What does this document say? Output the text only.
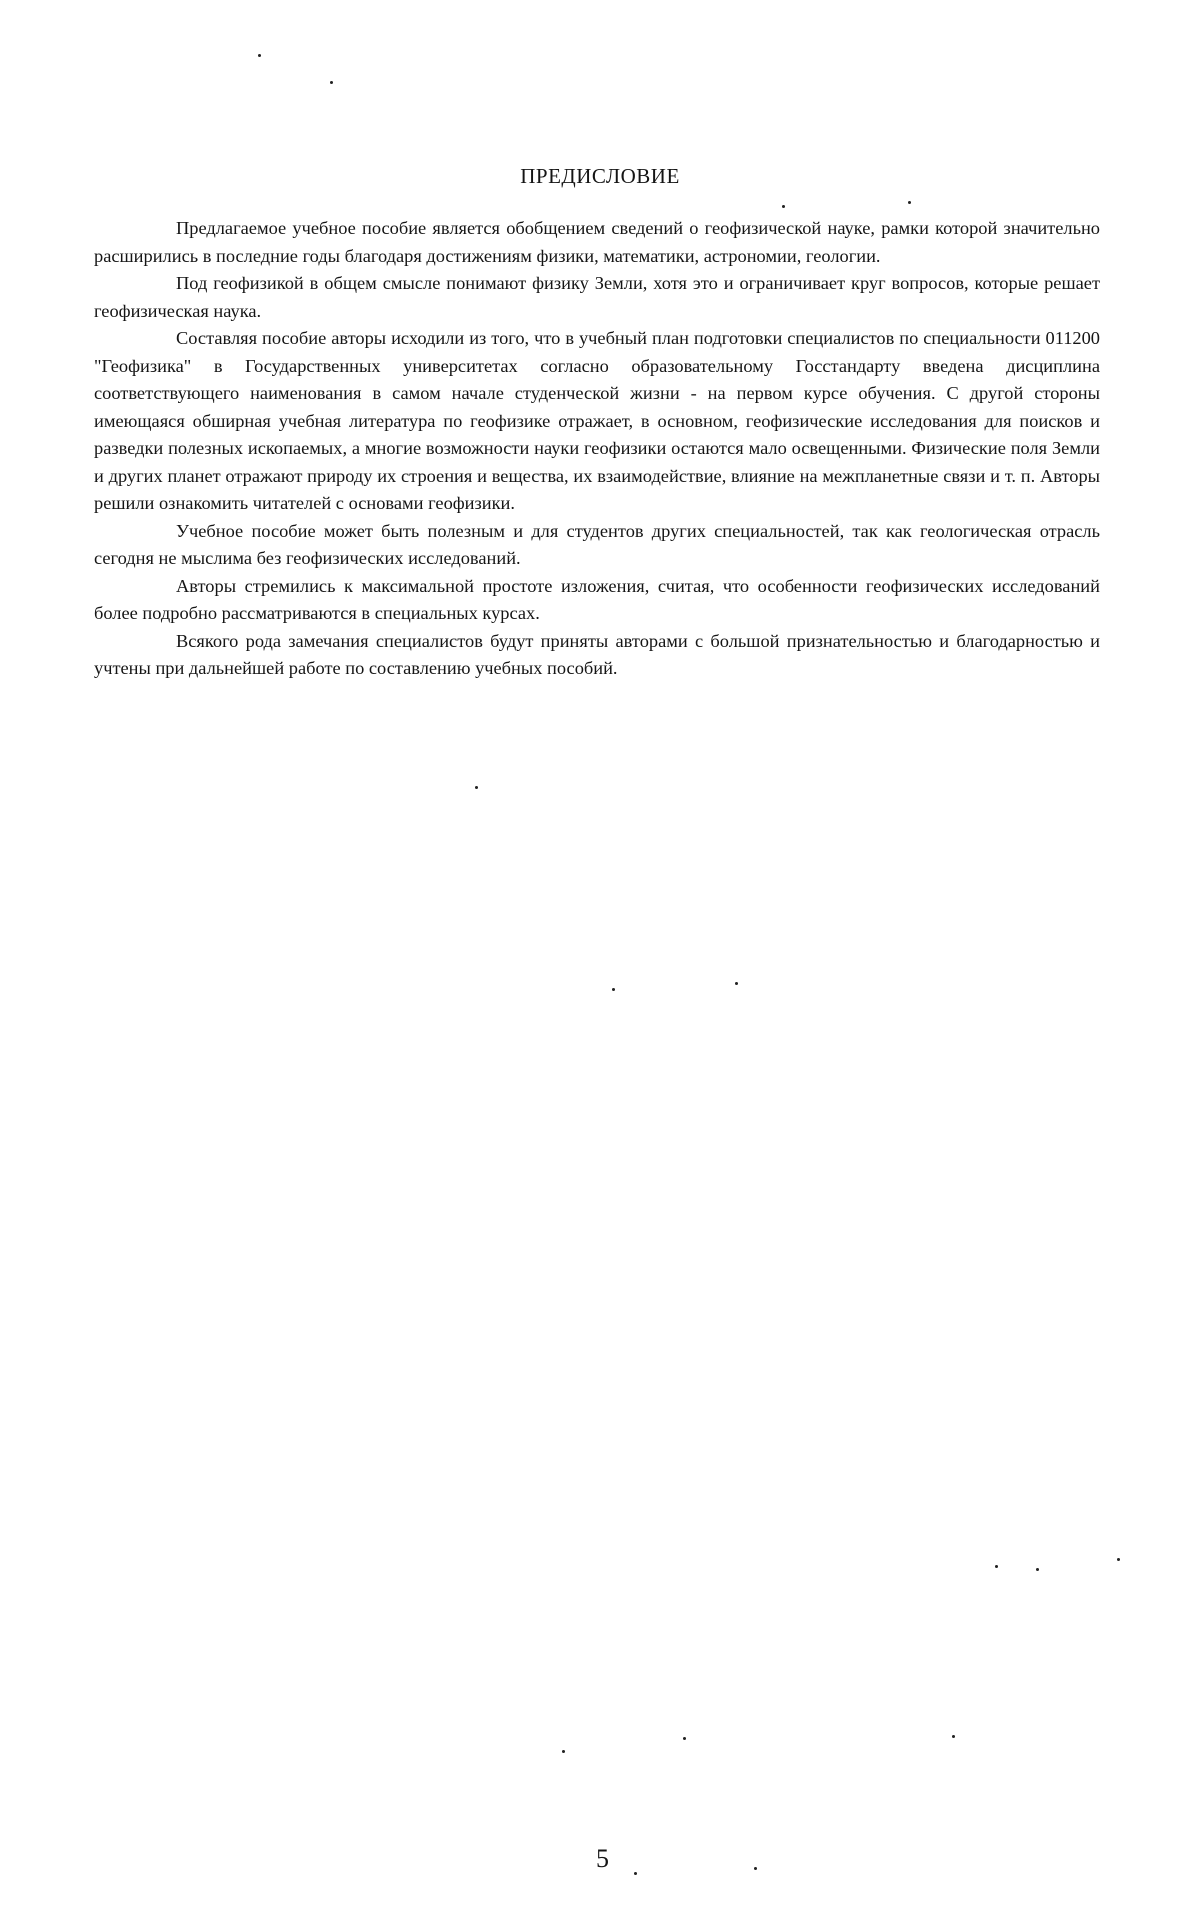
ПРЕДИСЛОВИЕ

Предлагаемое учебное пособие является обобщением сведений о геофизической науке, рамки которой значительно расширились в последние годы благодаря достижениям физики, математики, астрономии, геологии.

Под геофизикой в общем смысле понимают физику Земли, хотя это и ограничивает круг вопросов, которые решает геофизическая наука.

Составляя пособие авторы исходили из того, что в учебный план подготовки специалистов по специальности 011200 "Геофизика" в Государственных университетах согласно образовательному Госстандарту введена дисциплина соответствующего наименования в самом начале студенческой жизни - на первом курсе обучения. С другой стороны имеющаяся обширная учебная литература по геофизике отражает, в основном, геофизические исследования для поисков и разведки полезных ископаемых, а многие возможности науки геофизики остаются мало освещенными. Физические поля Земли и других планет отражают природу их строения и вещества, их взаимодействие, влияние на межпланетные связи и т. п. Авторы решили ознакомить читателей с основами геофизики.

Учебное пособие может быть полезным и для студентов других специальностей, так как геологическая отрасль сегодня не мыслима без геофизических исследований.

Авторы стремились к максимальной простоте изложения, считая, что особенности геофизических исследований более подробно рассматриваются в специальных курсах.

Всякого рода замечания специалистов будут приняты авторами с большой признательностью и благодарностью и учтены при дальнейшей работе по составлению учебных пособий.

5
